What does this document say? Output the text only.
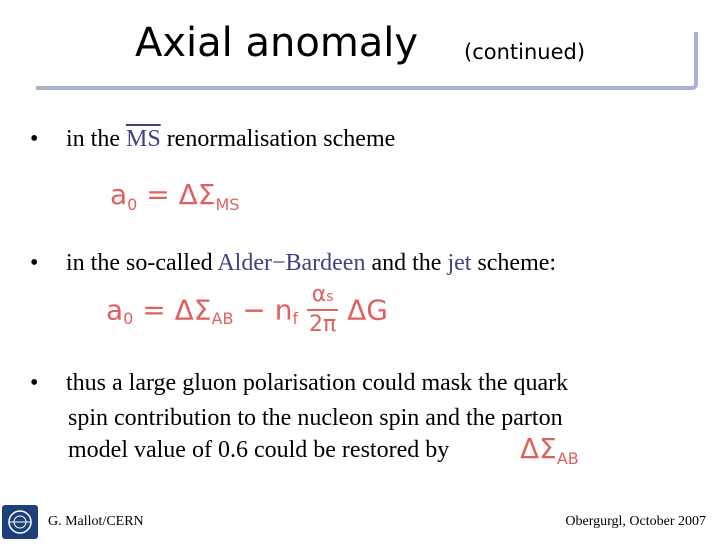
Axial anomaly (continued)
• in the $\overline{MS}$ renormalisation scheme
$a_0 = \Delta\Sigma_{MS}$
• in the so-called Alder−Bardeen and the jet scheme:
$a_0 = \Delta\Sigma_{AB} - n_f \frac{\alpha s}{2\pi}$ ΔG
• thus a large gluon polarisation could mask the quark
spin contribution to the nucleon spin and the parton
model value of 0.6 could be restored by	$\Delta\Sigma_{AB}$
G. Mallot/CERN	Obergurgl, October 2007
